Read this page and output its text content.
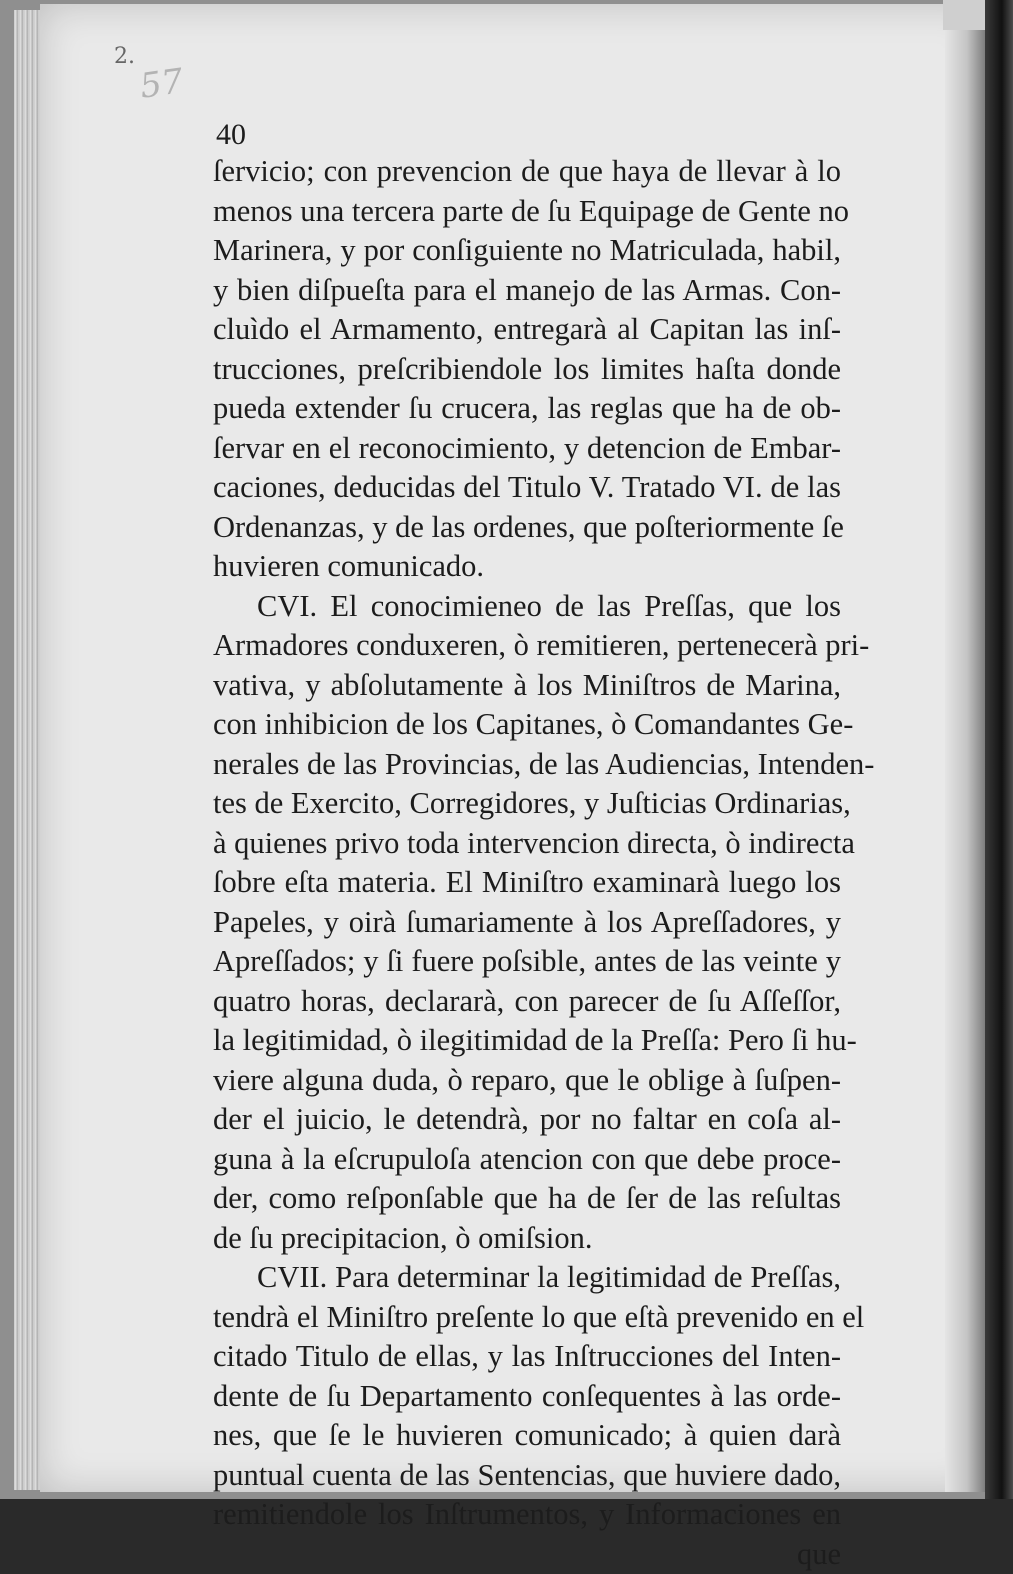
2.
57
40
ſervicio; con prevencion de que haya de llevar à lo
menos una tercera parte de ſu Equipage de Gente no
Marinera, y por conſiguiente no Matriculada, habil,
y bien diſpueſta para el manejo de las Armas. Con-
cluìdo el Armamento, entregarà al Capitan las inſ-
trucciones, preſcribiendole los limites haſta donde
pueda extender ſu crucera, las reglas que ha de ob-
ſervar en el reconocimiento, y detencion de Embar-
caciones, deducidas del Titulo V. Tratado VI. de las
Ordenanzas, y de las ordenes, que poſteriormente ſe
huvieren comunicado.
CVI. El conocimieneo de las Preſſas, que los
Armadores conduxeren, ò remitieren, pertenecerà pri-
vativa, y abſolutamente à los Miniſtros de Marina,
con inhibicion de los Capitanes, ò Comandantes Ge-
nerales de las Provincias, de las Audiencias, Intenden-
tes de Exercito, Corregidores, y Juſticias Ordinarias,
à quienes privo toda intervencion directa, ò indirecta
ſobre eſta materia. El Miniſtro examinarà luego los
Papeles, y oirà ſumariamente à los Apreſſadores, y
Apreſſados; y ſi fuere poſsible, antes de las veinte y
quatro horas, declararà, con parecer de ſu Aſſeſſor,
la legitimidad, ò ilegitimidad de la Preſſa: Pero ſi hu-
viere alguna duda, ò reparo, que le oblige à ſuſpen-
der el juicio, le detendrà, por no faltar en coſa al-
guna à la eſcrupuloſa atencion con que debe proce-
der, como reſponſable que ha de ſer de las reſultas
de ſu precipitacion, ò omiſsion.
CVII. Para determinar la legitimidad de Preſſas,
tendrà el Miniſtro preſente lo que eſtà prevenido en el
citado Titulo de ellas, y las Inſtrucciones del Inten-
dente de ſu Departamento conſequentes à las orde-
nes, que ſe le huvieren comunicado; à quien darà
puntual cuenta de las Sentencias, que huviere dado,
remitiendole los Inſtrumentos, y Informaciones en
que
